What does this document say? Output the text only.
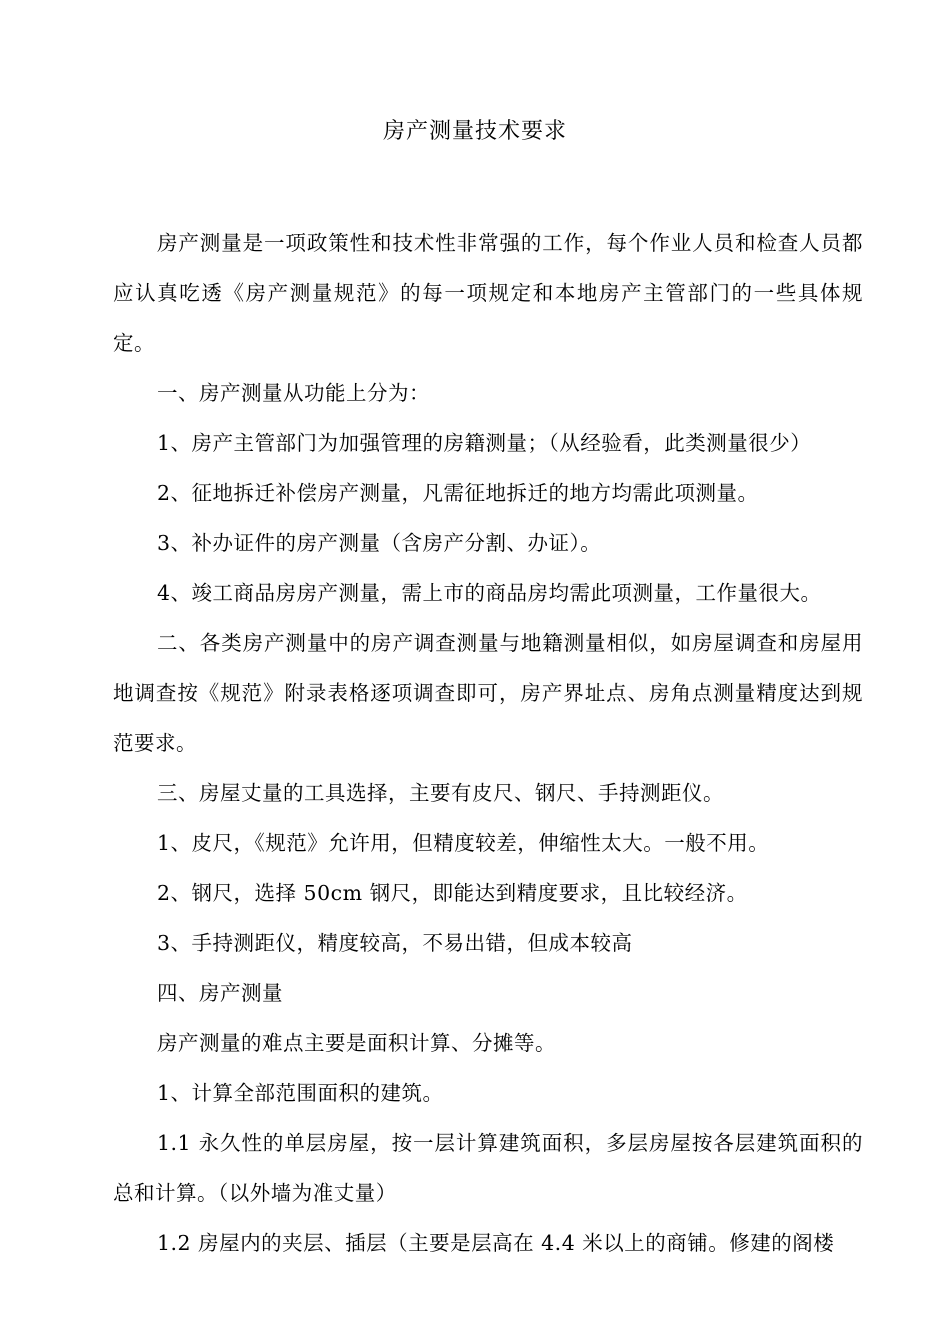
房产测量技术要求

房产测量是一项政策性和技术性非常强的工作，每个作业人员和检查人员都应认真吃透《房产测量规范》的每一项规定和本地房产主管部门的一些具体规定。

一、房产测量从功能上分为：

1、房产主管部门为加强管理的房籍测量；（从经验看，此类测量很少）

2、征地拆迁补偿房产测量，凡需征地拆迁的地方均需此项测量。

3、补办证件的房产测量（含房产分割、办证）。

4、竣工商品房房产测量，需上市的商品房均需此项测量，工作量很大。

二、各类房产测量中的房产调查测量与地籍测量相似，如房屋调查和房屋用地调查按《规范》附录表格逐项调查即可，房产界址点、房角点测量精度达到规范要求。

三、房屋丈量的工具选择，主要有皮尺、钢尺、手持测距仪。

1、皮尺，《规范》允许用，但精度较差，伸缩性太大。一般不用。

2、钢尺，选择 50cm 钢尺，即能达到精度要求，且比较经济。

3、手持测距仪，精度较高，不易出错，但成本较高

四、房产测量

房产测量的难点主要是面积计算、分摊等。

1、计算全部范围面积的建筑。

1.1 永久性的单层房屋，按一层计算建筑面积，多层房屋按各层建筑面积的总和计算。（以外墙为准丈量）

1.2 房屋内的夹层、插层（主要是层高在 4.4 米以上的商铺。修建的阁楼
